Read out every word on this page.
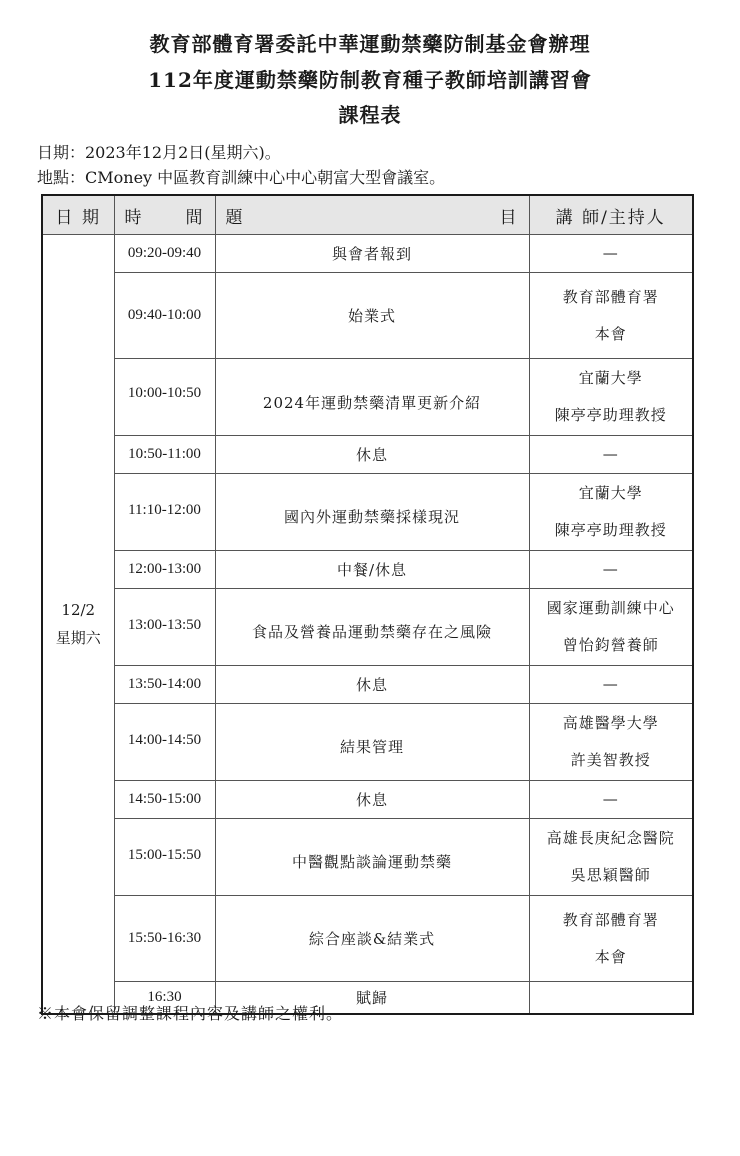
教育部體育署委託中華運動禁藥防制基金會辦理
112年度運動禁藥防制教育種子教師培訓講習會
課程表
日期：2023年12月2日(星期六)。
地點：CMoney 中區教育訓練中心中心朝富大型會議室。
日 期	時 間	題 目	講 師/主持人

12/2
星期六	09:20-09:40	與會者報到	—

	09:40-10:00	始業式	教育部體育署
本會

	10:00-10:50	2024年運動禁藥清單更新介紹	宜蘭大學
陳亭亭助理教授

	10:50-11:00	休息	—

	11:10-12:00	國內外運動禁藥採樣現況	宜蘭大學
陳亭亭助理教授

	12:00-13:00	中餐/休息	—

	13:00-13:50	食品及營養品運動禁藥存在之風險	國家運動訓練中心
曾怡鈞營養師

	13:50-14:00	休息	—

	14:00-14:50	結果管理	高雄醫學大學
許美智教授

	14:50-15:00	休息	—

	15:00-15:50	中醫觀點談論運動禁藥	高雄長庚紀念醫院
吳思穎醫師

	15:50-16:30	綜合座談&結業式	教育部體育署
本會

	16:30	賦歸	
※本會保留調整課程內容及講師之權利。
